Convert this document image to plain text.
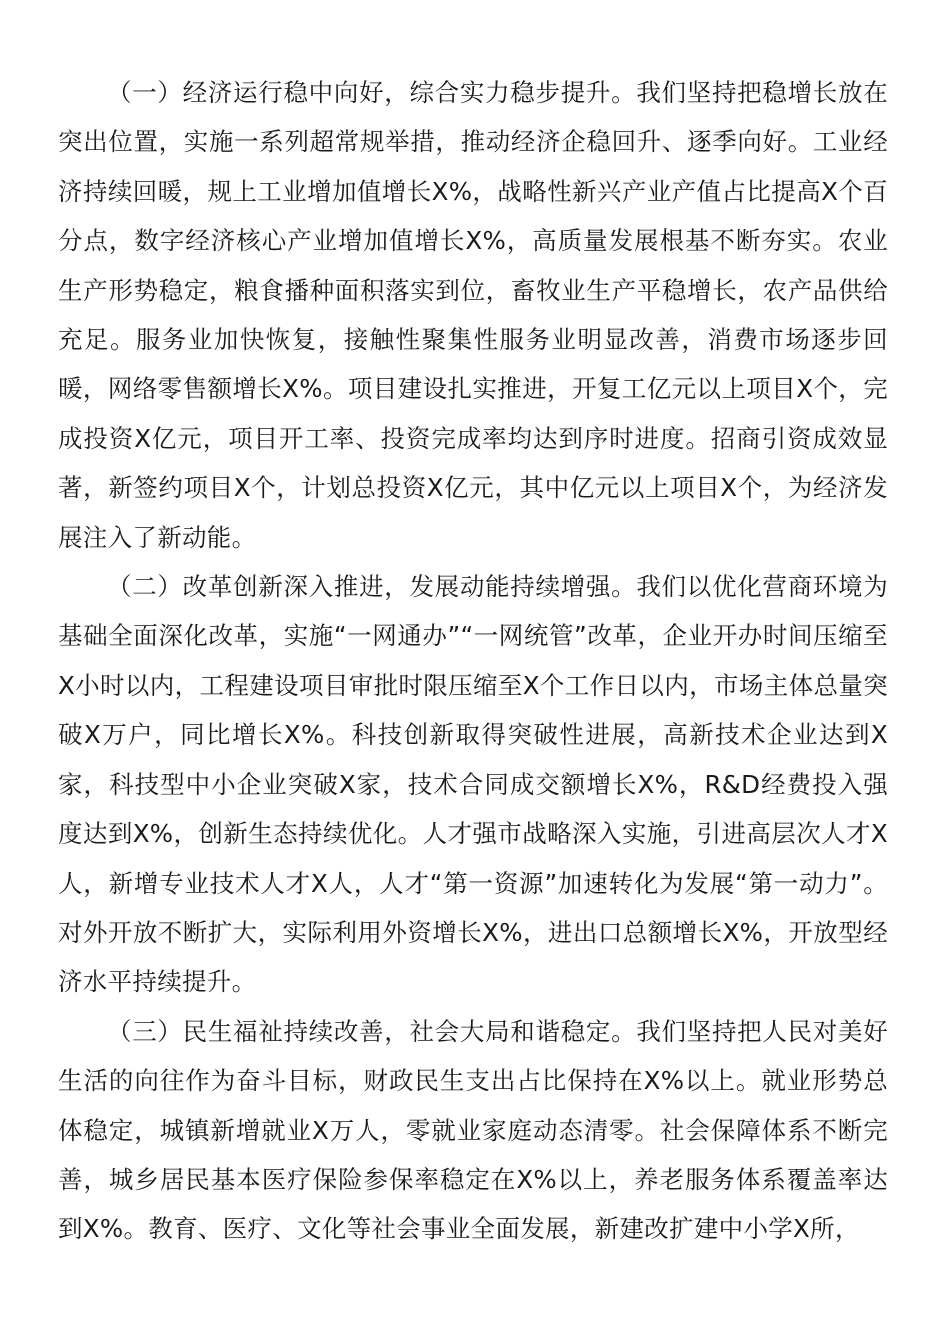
（一）经济运行稳中向好，综合实力稳步提升。我们坚持把稳增长放在突出位置，实施一系列超常规举措，推动经济企稳回升、逐季向好。工业经济持续回暖，规上工业增加值增长X%，战略性新兴产业产值占比提高X个百分点，数字经济核心产业增加值增长X%，高质量发展根基不断夯实。农业生产形势稳定，粮食播种面积落实到位，畜牧业生产平稳增长，农产品供给充足。服务业加快恢复，接触性聚集性服务业明显改善，消费市场逐步回暖，网络零售额增长X%。项目建设扎实推进，开复工亿元以上项目X个，完成投资X亿元，项目开工率、投资完成率均达到序时进度。招商引资成效显著，新签约项目X个，计划总投资X亿元，其中亿元以上项目X个，为经济发展注入了新动能。

（二）改革创新深入推进，发展动能持续增强。我们以优化营商环境为基础全面深化改革，实施“一网通办”“一网统管”改革，企业开办时间压缩至X小时以内，工程建设项目审批时限压缩至X个工作日以内，市场主体总量突破X万户，同比增长X%。科技创新取得突破性进展，高新技术企业达到X家，科技型中小企业突破X家，技术合同成交额增长X%，R&D经费投入强度达到X%，创新生态持续优化。人才强市战略深入实施，引进高层次人才X人，新增专业技术人才X人，人才“第一资源”加速转化为发展“第一动力”。对外开放不断扩大，实际利用外资增长X%，进出口总额增长X%，开放型经济水平持续提升。

（三）民生福祉持续改善，社会大局和谐稳定。我们坚持把人民对美好生活的向往作为奋斗目标，财政民生支出占比保持在X%以上。就业形势总体稳定，城镇新增就业X万人，零就业家庭动态清零。社会保障体系不断完善，城乡居民基本医疗保险参保率稳定在X%以上，养老服务体系覆盖率达到X%。教育、医疗、文化等社会事业全面发展，新建改扩建中小学X所，
